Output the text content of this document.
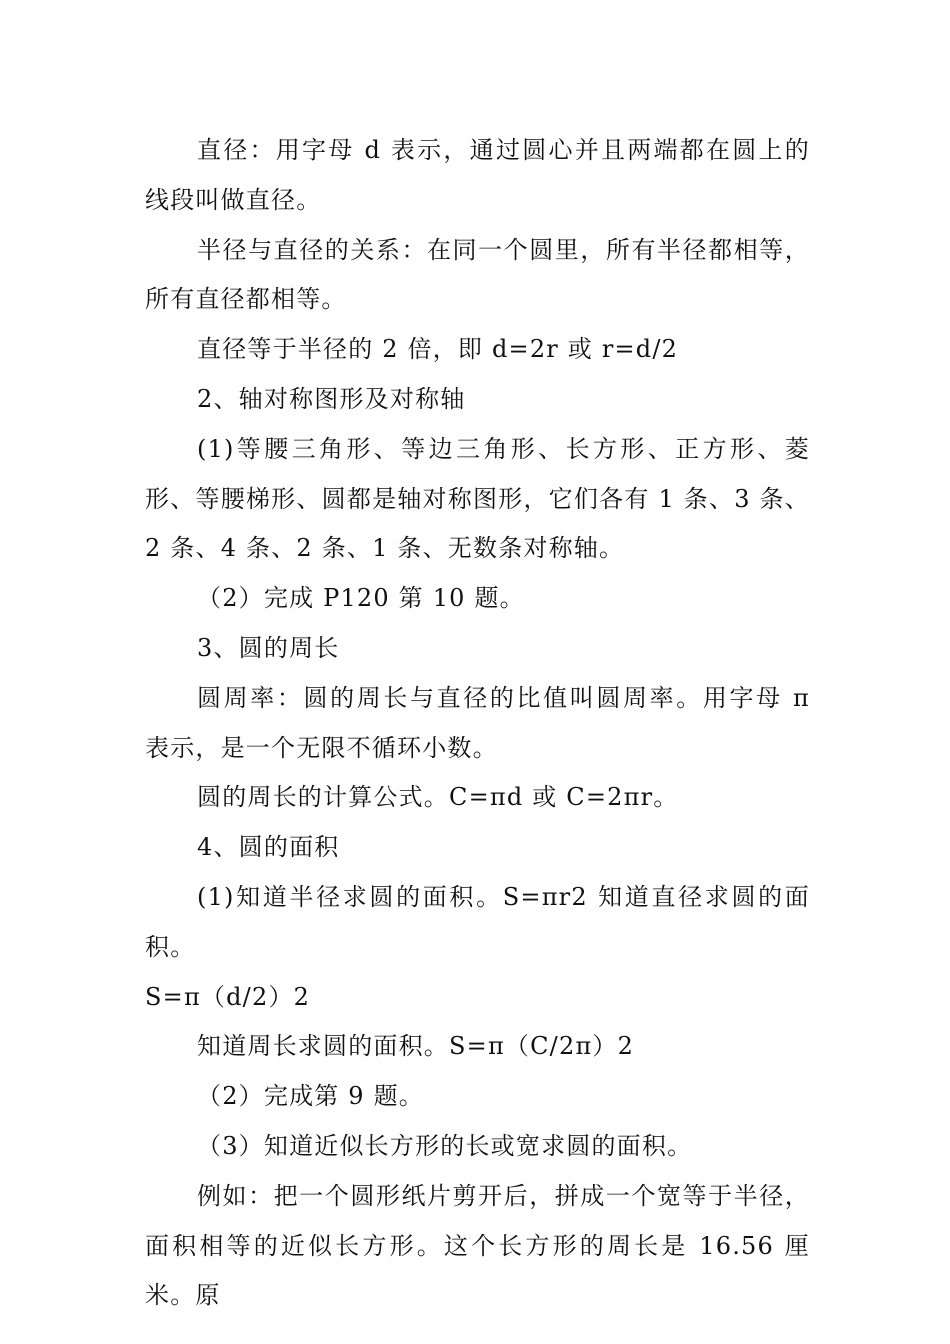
直径：用字母 d 表示，通过圆心并且两端都在圆上的线段叫做直径。

半径与直径的关系：在同一个圆里，所有半径都相等，所有直径都相等。

直径等于半径的 2 倍，即 d=2r 或 r=d/2

2、轴对称图形及对称轴

(1)等腰三角形、等边三角形、长方形、正方形、菱形、等腰梯形、圆都是轴对称图形，它们各有 1 条、3 条、2 条、4 条、2 条、1 条、无数条对称轴。

（2）完成 P120 第 10 题。

3、圆的周长

圆周率：圆的周长与直径的比值叫圆周率。用字母 π 表示，是一个无限不循环小数。

圆的周长的计算公式。C=πd 或 C=2πr。

4、圆的面积

(1)知道半径求圆的面积。S=πr2 知道直径求圆的面积。

S=π（d/2）2

知道周长求圆的面积。S=π（C/2π）2

（2）完成第 9 题。

（3）知道近似长方形的长或宽求圆的面积。

例如：把一个圆形纸片剪开后，拼成一个宽等于半径，面积相等的近似长方形。这个长方形的周长是 16.56 厘米。原
